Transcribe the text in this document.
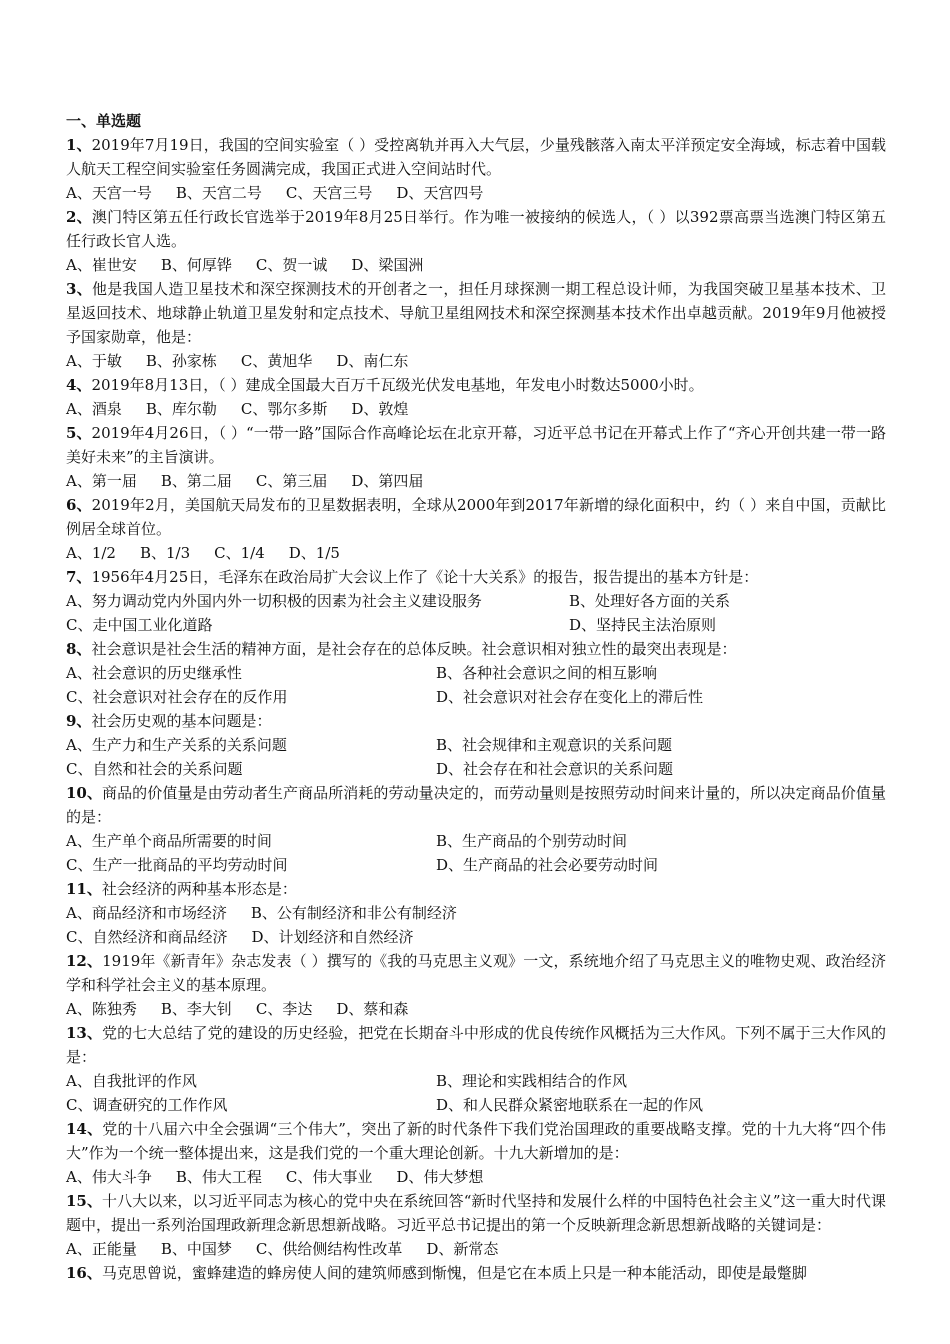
一、单选题
1、2019年7月19日，我国的空间实验室（ ）受控离轨并再入大气层，少量残骸落入南太平洋预定安全海域，标志着中国载人航天工程空间实验室任务圆满完成，我国正式进入空间站时代。
A、天宫一号 B、天宫二号 C、天宫三号 D、天宫四号
2、澳门特区第五任行政长官选举于2019年8月25日举行。作为唯一被接纳的候选人，（ ）以392票高票当选澳门特区第五任行政长官人选。
A、崔世安 B、何厚铧 C、贺一诚 D、梁国洲
3、他是我国人造卫星技术和深空探测技术的开创者之一，担任月球探测一期工程总设计师，为我国突破卫星基本技术、卫星返回技术、地球静止轨道卫星发射和定点技术、导航卫星组网技术和深空探测基本技术作出卓越贡献。2019年9月他被授予国家勋章，他是：
A、于敏 B、孙家栋 C、黄旭华 D、南仁东
4、2019年8月13日，（ ）建成全国最大百万千瓦级光伏发电基地，年发电小时数达5000小时。
A、酒泉 B、库尔勒 C、鄂尔多斯 D、敦煌
5、2019年4月26日，（ ）“一带一路”国际合作高峰论坛在北京开幕，习近平总书记在开幕式上作了“齐心开创共建一带一路美好未来”的主旨演讲。
A、第一届 B、第二届 C、第三届 D、第四届
6、2019年2月，美国航天局发布的卫星数据表明，全球从2000年到2017年新增的绿化面积中，约（ ）来自中国，贡献比例居全球首位。
A、1/2 B、1/3 C、1/4 D、1/5
7、1956年4月25日，毛泽东在政治局扩大会议上作了《论十大关系》的报告，报告提出的基本方针是：
A、努力调动党内外国内外一切积极的因素为社会主义建设服务	B、处理好各方面的关系
C、走中国工业化道路	D、坚持民主法治原则
8、社会意识是社会生活的精神方面，是社会存在的总体反映。社会意识相对独立性的最突出表现是：
A、社会意识的历史继承性	B、各种社会意识之间的相互影响
C、社会意识对社会存在的反作用	D、社会意识对社会存在变化上的滞后性
9、社会历史观的基本问题是：
A、生产力和生产关系的关系问题	B、社会规律和主观意识的关系问题
C、自然和社会的关系问题	D、社会存在和社会意识的关系问题
10、商品的价值量是由劳动者生产商品所消耗的劳动量决定的，而劳动量则是按照劳动时间来计量的，所以决定商品价值量的是：
A、生产单个商品所需要的时间	B、生产商品的个别劳动时间
C、生产一批商品的平均劳动时间	D、生产商品的社会必要劳动时间
11、社会经济的两种基本形态是：
A、商品经济和市场经济 B、公有制经济和非公有制经济
C、自然经济和商品经济 D、计划经济和自然经济
12、1919年《新青年》杂志发表（ ）撰写的《我的马克思主义观》一文，系统地介绍了马克思主义的唯物史观、政治经济学和科学社会主义的基本原理。
A、陈独秀 B、李大钊 C、李达 D、蔡和森
13、党的七大总结了党的建设的历史经验，把党在长期奋斗中形成的优良传统作风概括为三大作风。下列不属于三大作风的是：
A、自我批评的作风	B、理论和实践相结合的作风
C、调查研究的工作作风	D、和人民群众紧密地联系在一起的作风
14、党的十八届六中全会强调“三个伟大”，突出了新的时代条件下我们党治国理政的重要战略支撑。党的十九大将“四个伟大”作为一个统一整体提出来，这是我们党的一个重大理论创新。十九大新增加的是：
A、伟大斗争 B、伟大工程 C、伟大事业 D、伟大梦想
15、十八大以来，以习近平同志为核心的党中央在系统回答“新时代坚持和发展什么样的中国特色社会主义”这一重大时代课题中，提出一系列治国理政新理念新思想新战略。习近平总书记提出的第一个反映新理念新思想新战略的关键词是：
A、正能量 B、中国梦 C、供给侧结构性改革 D、新常态
16、马克思曾说，蜜蜂建造的蜂房使人间的建筑师感到惭愧，但是它在本质上只是一种本能活动，即使是最蹩脚
